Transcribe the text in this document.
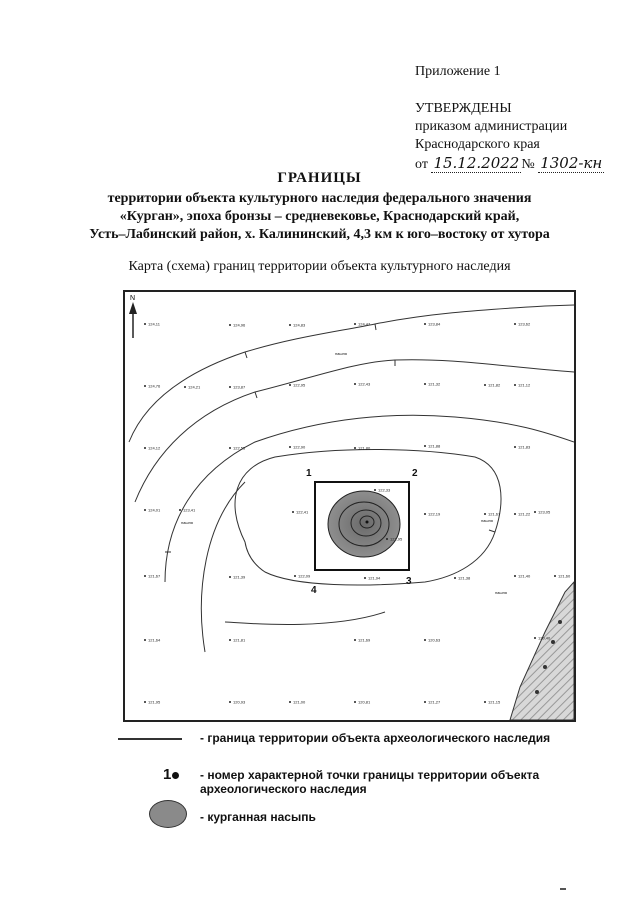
Приложение 1
УТВЕРЖДЕНЫ
приказом администрации
Краснодарского края
от 15.12.2022 № 1302-кн
ГРАНИЦЫ
территории объекта культурного наследия федерального значения
«Курган», эпоха бронзы – средневековье, Краснодарский край,
Усть–Лабинский район, х. Калининский, 4,3 км к юго–востоку от хутора
Карта (схема) границ территории объекта культурного наследия
N
1	2
3
4
пашня
пашня	пашня
пашня
124,11	124,96	124,83	124,47	123,84	123,62
124,76	124,21	123,87	122,95	122,43	121,32	121,82	121,12
124,12	122,55	122,90	121,80	121,88	121,83
124,01	123,41	122,41
122,33
121,95
122,19	121,67	121,22 123,05
121,67	121,39	122,09	121,94	121,38	121,40	121,60
121,64	121,81	121,69	120,63	120,40
121,95	120,93	121,00	120,81	121,27	121,15
- граница территории объекта археологического наследия
1	- номер характерной точки границы территории объекта археологического наследия
- курганная насыпь
